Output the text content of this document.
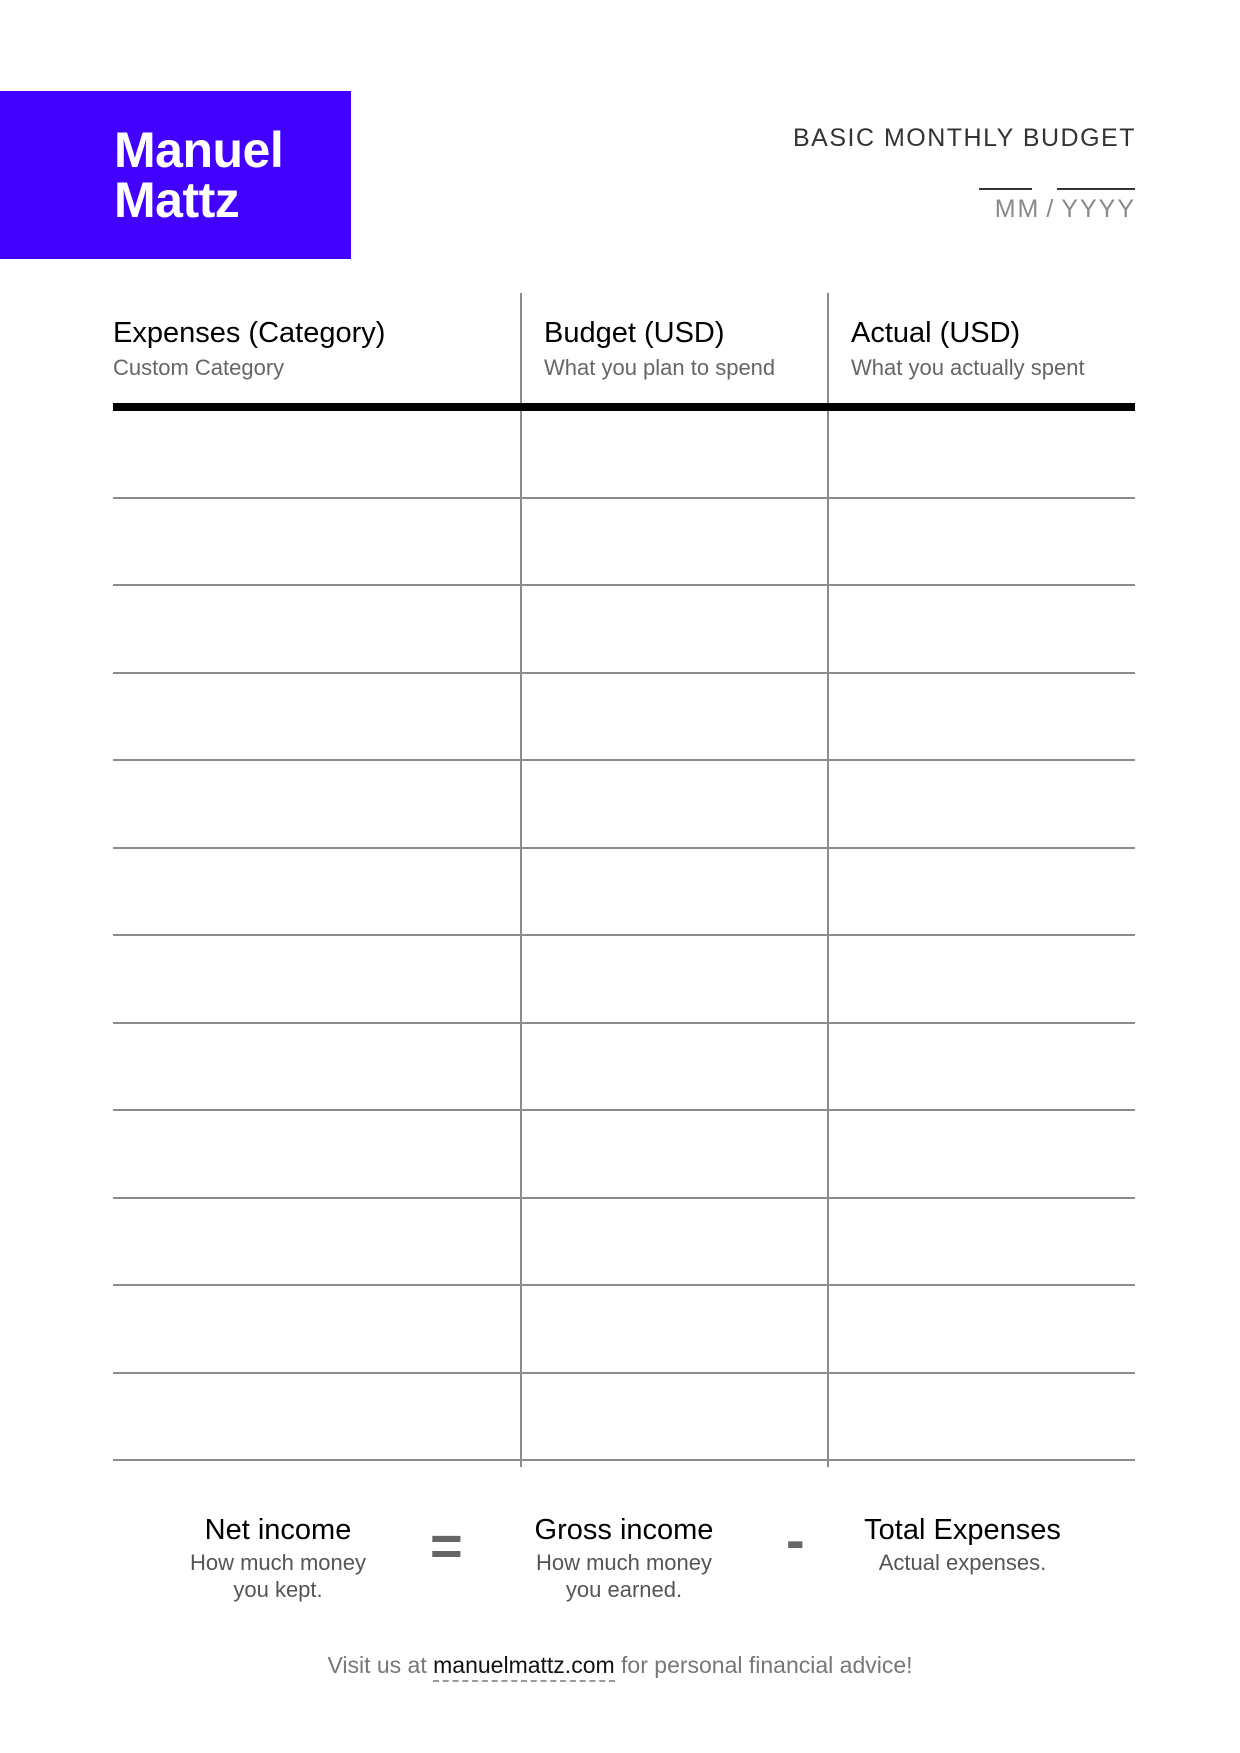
Manuel
Mattz
BASIC MONTHLY BUDGET
MM / YYYY
Expenses (Category)
Custom Category
Budget (USD)
What you plan to spend
Actual (USD)
What you actually spent
Net income
How much money
you kept.
=	Gross income
How much money
you earned.
-	Total Expenses
Actual expenses.
Visit us at manuelmattz.com for personal financial advice!
